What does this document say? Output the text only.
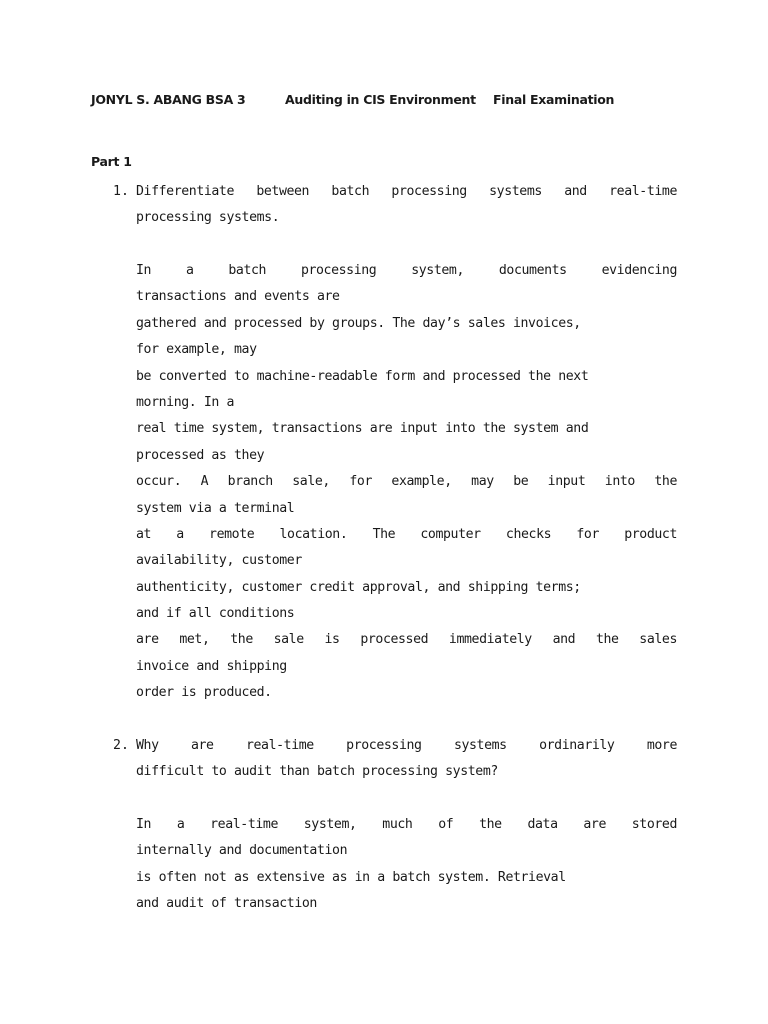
JONYL S. ABANG BSA 3	Auditing in CIS Environment Final Examination
Part 1
1. Differentiate between batch processing systems and real-time
processing systems.
In a batch processing system, documents evidencing
transactions and events are
gathered and processed by groups. The day’s sales invoices,
for example, may
be converted to machine-readable form and processed the next
morning. In a
real time system, transactions are input into the system and
processed as they
occur. A branch sale, for example, may be input into the
system via a terminal
at a remote location. The computer checks for product
availability, customer
authenticity, customer credit approval, and shipping terms;
and if all conditions
are met, the sale is processed immediately and the sales
invoice and shipping
order is produced.
2. Why are real-time processing systems ordinarily more
difficult to audit than batch processing system?
In a real-time system, much of the data are stored
internally and documentation
is often not as extensive as in a batch system. Retrieval
and audit of transaction
